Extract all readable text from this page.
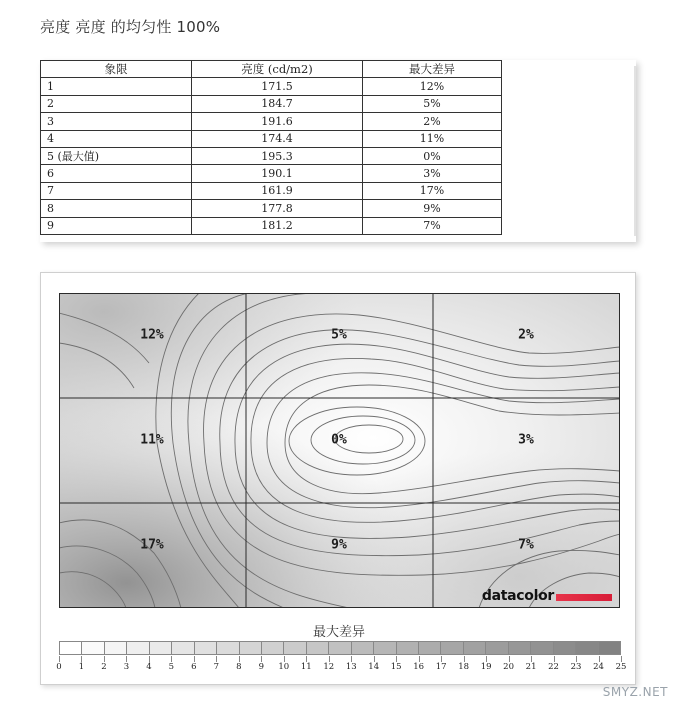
亮度 亮度 的均匀性 100%
象限	亮度 (cd/m2)	最大差异
1	171.5	12%
2	184.7	5%
3	191.6	2%
4	174.4	11%
5 (最大值)	195.3	0%
6	190.1	3%
7	161.9	17%
8	177.8	9%
9	181.2	7%
12%	5%	2%
11%	0%	3%
17%	9%	7%
datacolor
最大差异
0 1 2 3 4 5 6 7 8 9 10 11 12 13 14 15 16 17 18 19 20 21 22 23 24 25
SMYZ.NET
